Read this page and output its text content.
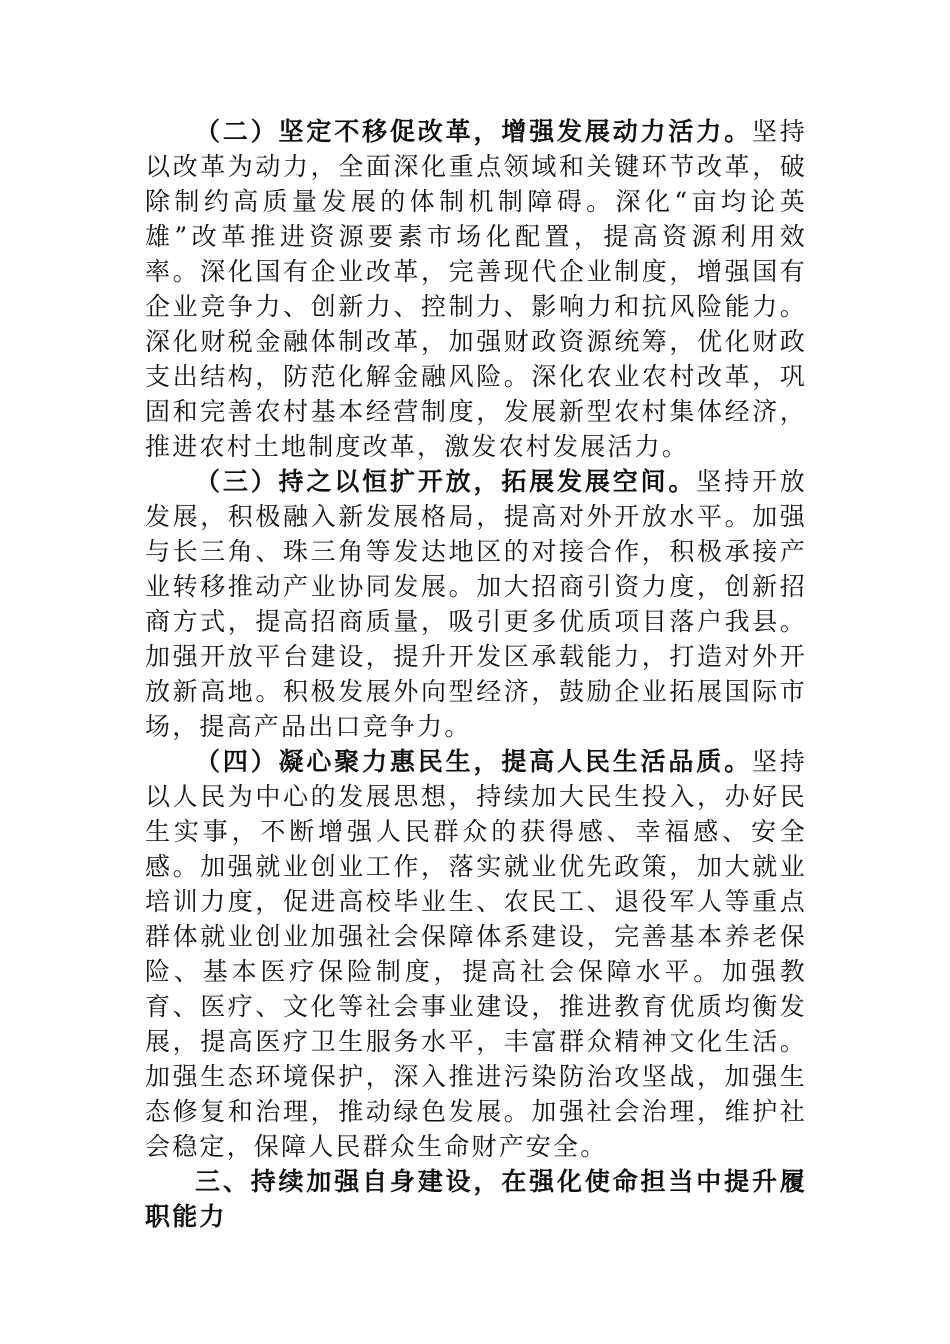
（二）坚定不移促改革，增强发展动力活力。坚持以改革为动力，全面深化重点领域和关键环节改革，破除制约高质量发展的体制机制障碍。深化“亩均论英雄”改革推进资源要素市场化配置，提高资源利用效率。深化国有企业改革，完善现代企业制度，增强国有企业竞争力、创新力、控制力、影响力和抗风险能力。深化财税金融体制改革，加强财政资源统筹，优化财政支出结构，防范化解金融风险。深化农业农村改革，巩固和完善农村基本经营制度，发展新型农村集体经济，推进农村土地制度改革，激发农村发展活力。

（三）持之以恒扩开放，拓展发展空间。坚持开放发展，积极融入新发展格局，提高对外开放水平。加强与长三角、珠三角等发达地区的对接合作，积极承接产业转移推动产业协同发展。加大招商引资力度，创新招商方式，提高招商质量，吸引更多优质项目落户我县。加强开放平台建设，提升开发区承载能力，打造对外开放新高地。积极发展外向型经济，鼓励企业拓展国际市场，提高产品出口竞争力。

（四）凝心聚力惠民生，提高人民生活品质。坚持以人民为中心的发展思想，持续加大民生投入，办好民生实事，不断增强人民群众的获得感、幸福感、安全感。加强就业创业工作，落实就业优先政策，加大就业培训力度，促进高校毕业生、农民工、退役军人等重点群体就业创业加强社会保障体系建设，完善基本养老保险、基本医疗保险制度，提高社会保障水平。加强教育、医疗、文化等社会事业建设，推进教育优质均衡发展，提高医疗卫生服务水平，丰富群众精神文化生活。加强生态环境保护，深入推进污染防治攻坚战，加强生态修复和治理，推动绿色发展。加强社会治理，维护社会稳定，保障人民群众生命财产安全。

三、持续加强自身建设，在强化使命担当中提升履职能力
